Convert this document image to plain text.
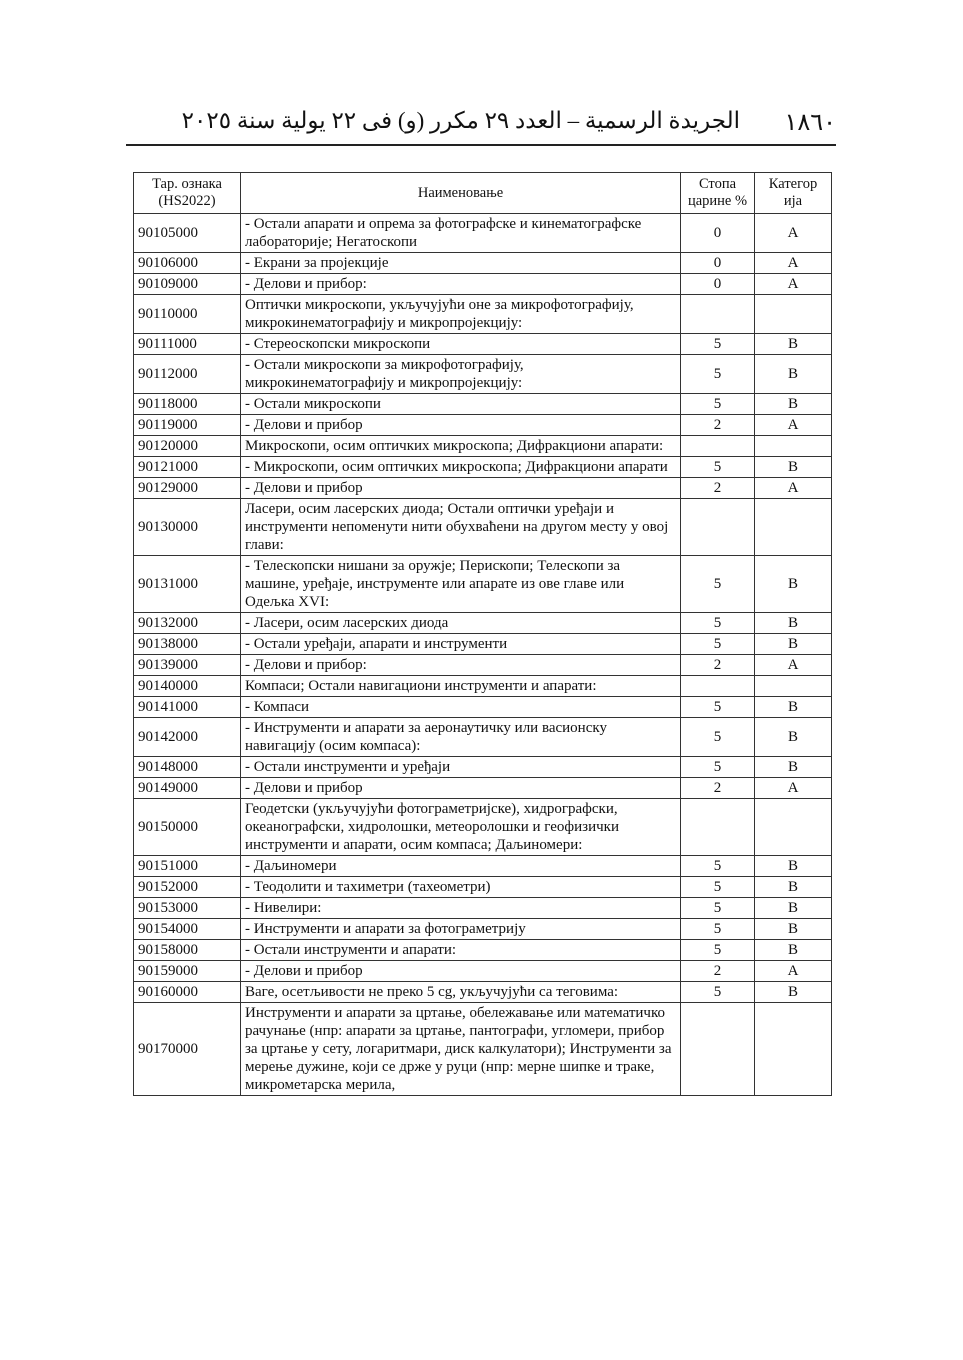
١٨٦٠
الجريدة الرسمية – العدد ٢٩ مكرر (و) فى ٢٢ يولية سنة ٢٠٢٥
Тар. ознака (HS2022)	Наименовање	Стопа царине %	Категор ија
90105000	- Остали апарати и опрема за фотографске и кинематографске лабораторије; Негатоскопи	0	A
90106000	- Екрани за пројекције	0	A
90109000	- Делови и прибор:	0	A
90110000	Оптички микроскопи, укључујући оне за микрофотографију, микрокинематографију и микропројекцију:		
90111000	- Стереоскопски микроскопи	5	B
90112000	- Остали микроскопи за микрофотографију, микрокинематографију и микропројекцију:	5	B
90118000	- Остали микроскопи	5	B
90119000	- Делови и прибор	2	A
90120000	Микроскопи, осим оптичких микроскопа; Дифракциони апарати:		
90121000	- Микроскопи, осим оптичких микроскопа; Дифракциони апарати	5	B
90129000	- Делови и прибор	2	A
90130000	Ласери, осим ласерских диода; Остали оптички уређаји и инструменти непоменути нити обухваћени на другом месту у овој глави:		
90131000	- Телескопски нишани за оружје; Перископи; Телескопи за машине, уређаје, инструменте или апарате из ове главе или Одељка XVI:	5	B
90132000	- Ласери, осим ласерских диода	5	B
90138000	- Остали уређаји, апарати и инструменти	5	B
90139000	- Делови и прибор:	2	A
90140000	Компаси; Остали навигациони инструменти и апарати:		
90141000	- Компаси	5	B
90142000	- Инструменти и апарати за аеронаутичку или васионску навигацију (осим компаса):	5	B
90148000	- Остали инструменти и уређаји	5	B
90149000	- Делови и прибор	2	A
90150000	Геодетски (укључујући фотограметријске), хидрографски, океанографски, хидролошки, метеоролошки и геофизички инструменти и апарати, осим компаса; Даљиномери:		
90151000	- Даљиномери	5	B
90152000	- Теодолити и тахиметри (тахеометри)	5	B
90153000	- Нивелири:	5	B
90154000	- Инструменти и апарати за фотограметрију	5	B
90158000	- Остали инструменти и апарати:	5	B
90159000	- Делови и прибор	2	A
90160000	Ваге, осетљивости не преко 5 cg, укључујући са теговима:	5	B
90170000	Инструменти и апарати за цртање, обележавање или математичко рачунање (нпр: апарати за цртање, пантографи, угломери, прибор за цртање у сету, логаритмари, диск калкулатори); Инструменти за мерење дужине, који се држе у руци (нпр: мерне шипке и траке, микрометарска мерила,		
